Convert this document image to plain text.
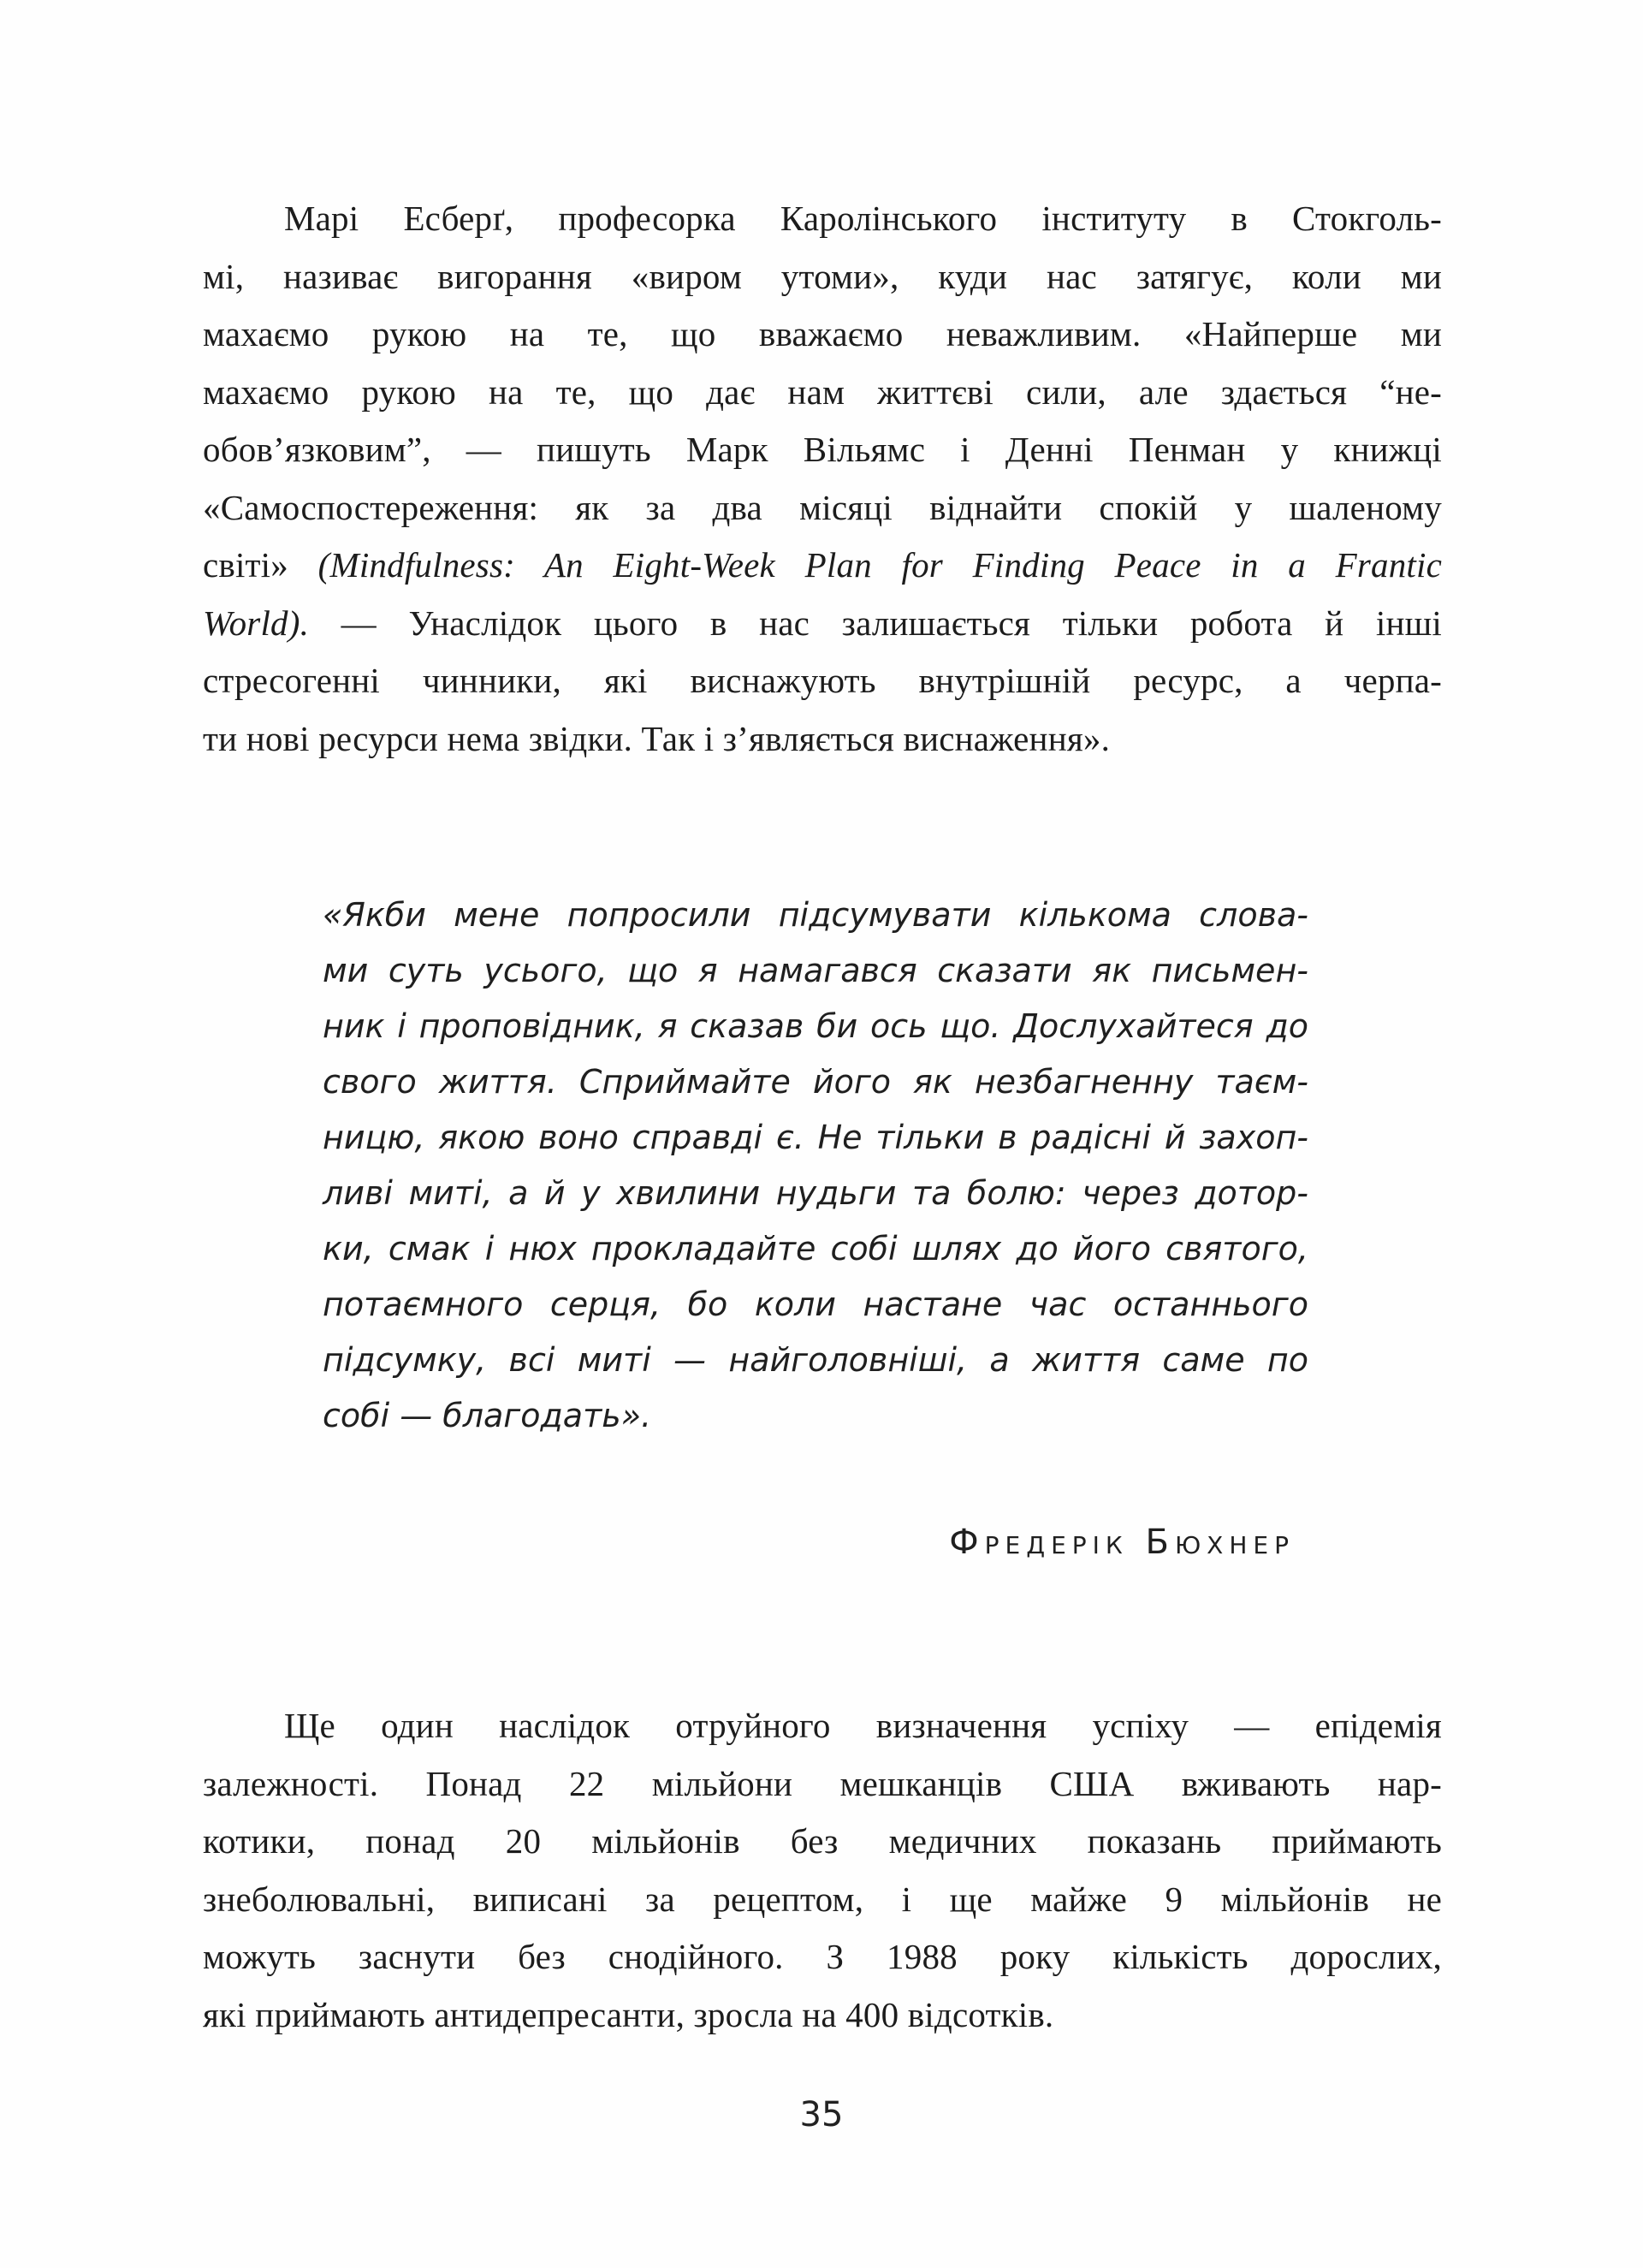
Марі Есберґ, професорка Каролінського інституту в Стокголь-
мі, називає вигорання «виром утоми», куди нас затягує, коли ми
махаємо рукою на те, що вважаємо неважливим. «Найперше ми
махаємо рукою на те, що дає нам життєві сили, але здається “не-
обов’язковим”, — пишуть Марк Вільямс і Денні Пенман у книжці
«Самоспостереження: як за два місяці віднайти спокій у шаленому
світі» (Mindfulness: An Eight-Week Plan for Finding Peace in a Frantic
World). — Унаслідок цього в нас залишається тільки робота й інші
стресогенні чинники, які виснажують внутрішній ресурс, а черпа-
ти нові ресурси нема звідки. Так і з’являється виснаження».
«Якби мене попросили підсумувати кількома слова-
ми суть усього, що я намагався сказати як письмен-
ник і проповідник, я сказав би ось що. Дослухайтеся до
свого життя. Сприймайте його як незбагненну таєм-
ницю, якою воно справді є. Не тільки в радісні й захоп-
ливі миті, а й у хвилини нудьги та болю: через дотор-
ки, смак і нюх прокладайте собі шлях до його святого,
потаємного серця, бо коли настане час останнього
підсумку, всі миті — найголовніші, а життя саме по
собі — благодать».
Фредерік Бюхнер
Ще один наслідок отруйного визначення успіху — епідемія
залежності. Понад 22 мільйони мешканців США вживають нар-
котики, понад 20 мільйонів без медичних показань приймають
знеболювальні, виписані за рецептом, і ще майже 9 мільйонів не
можуть заснути без снодійного. З 1988 року кількість дорослих,
які приймають антидепресанти, зросла на 400 відсотків.
35
